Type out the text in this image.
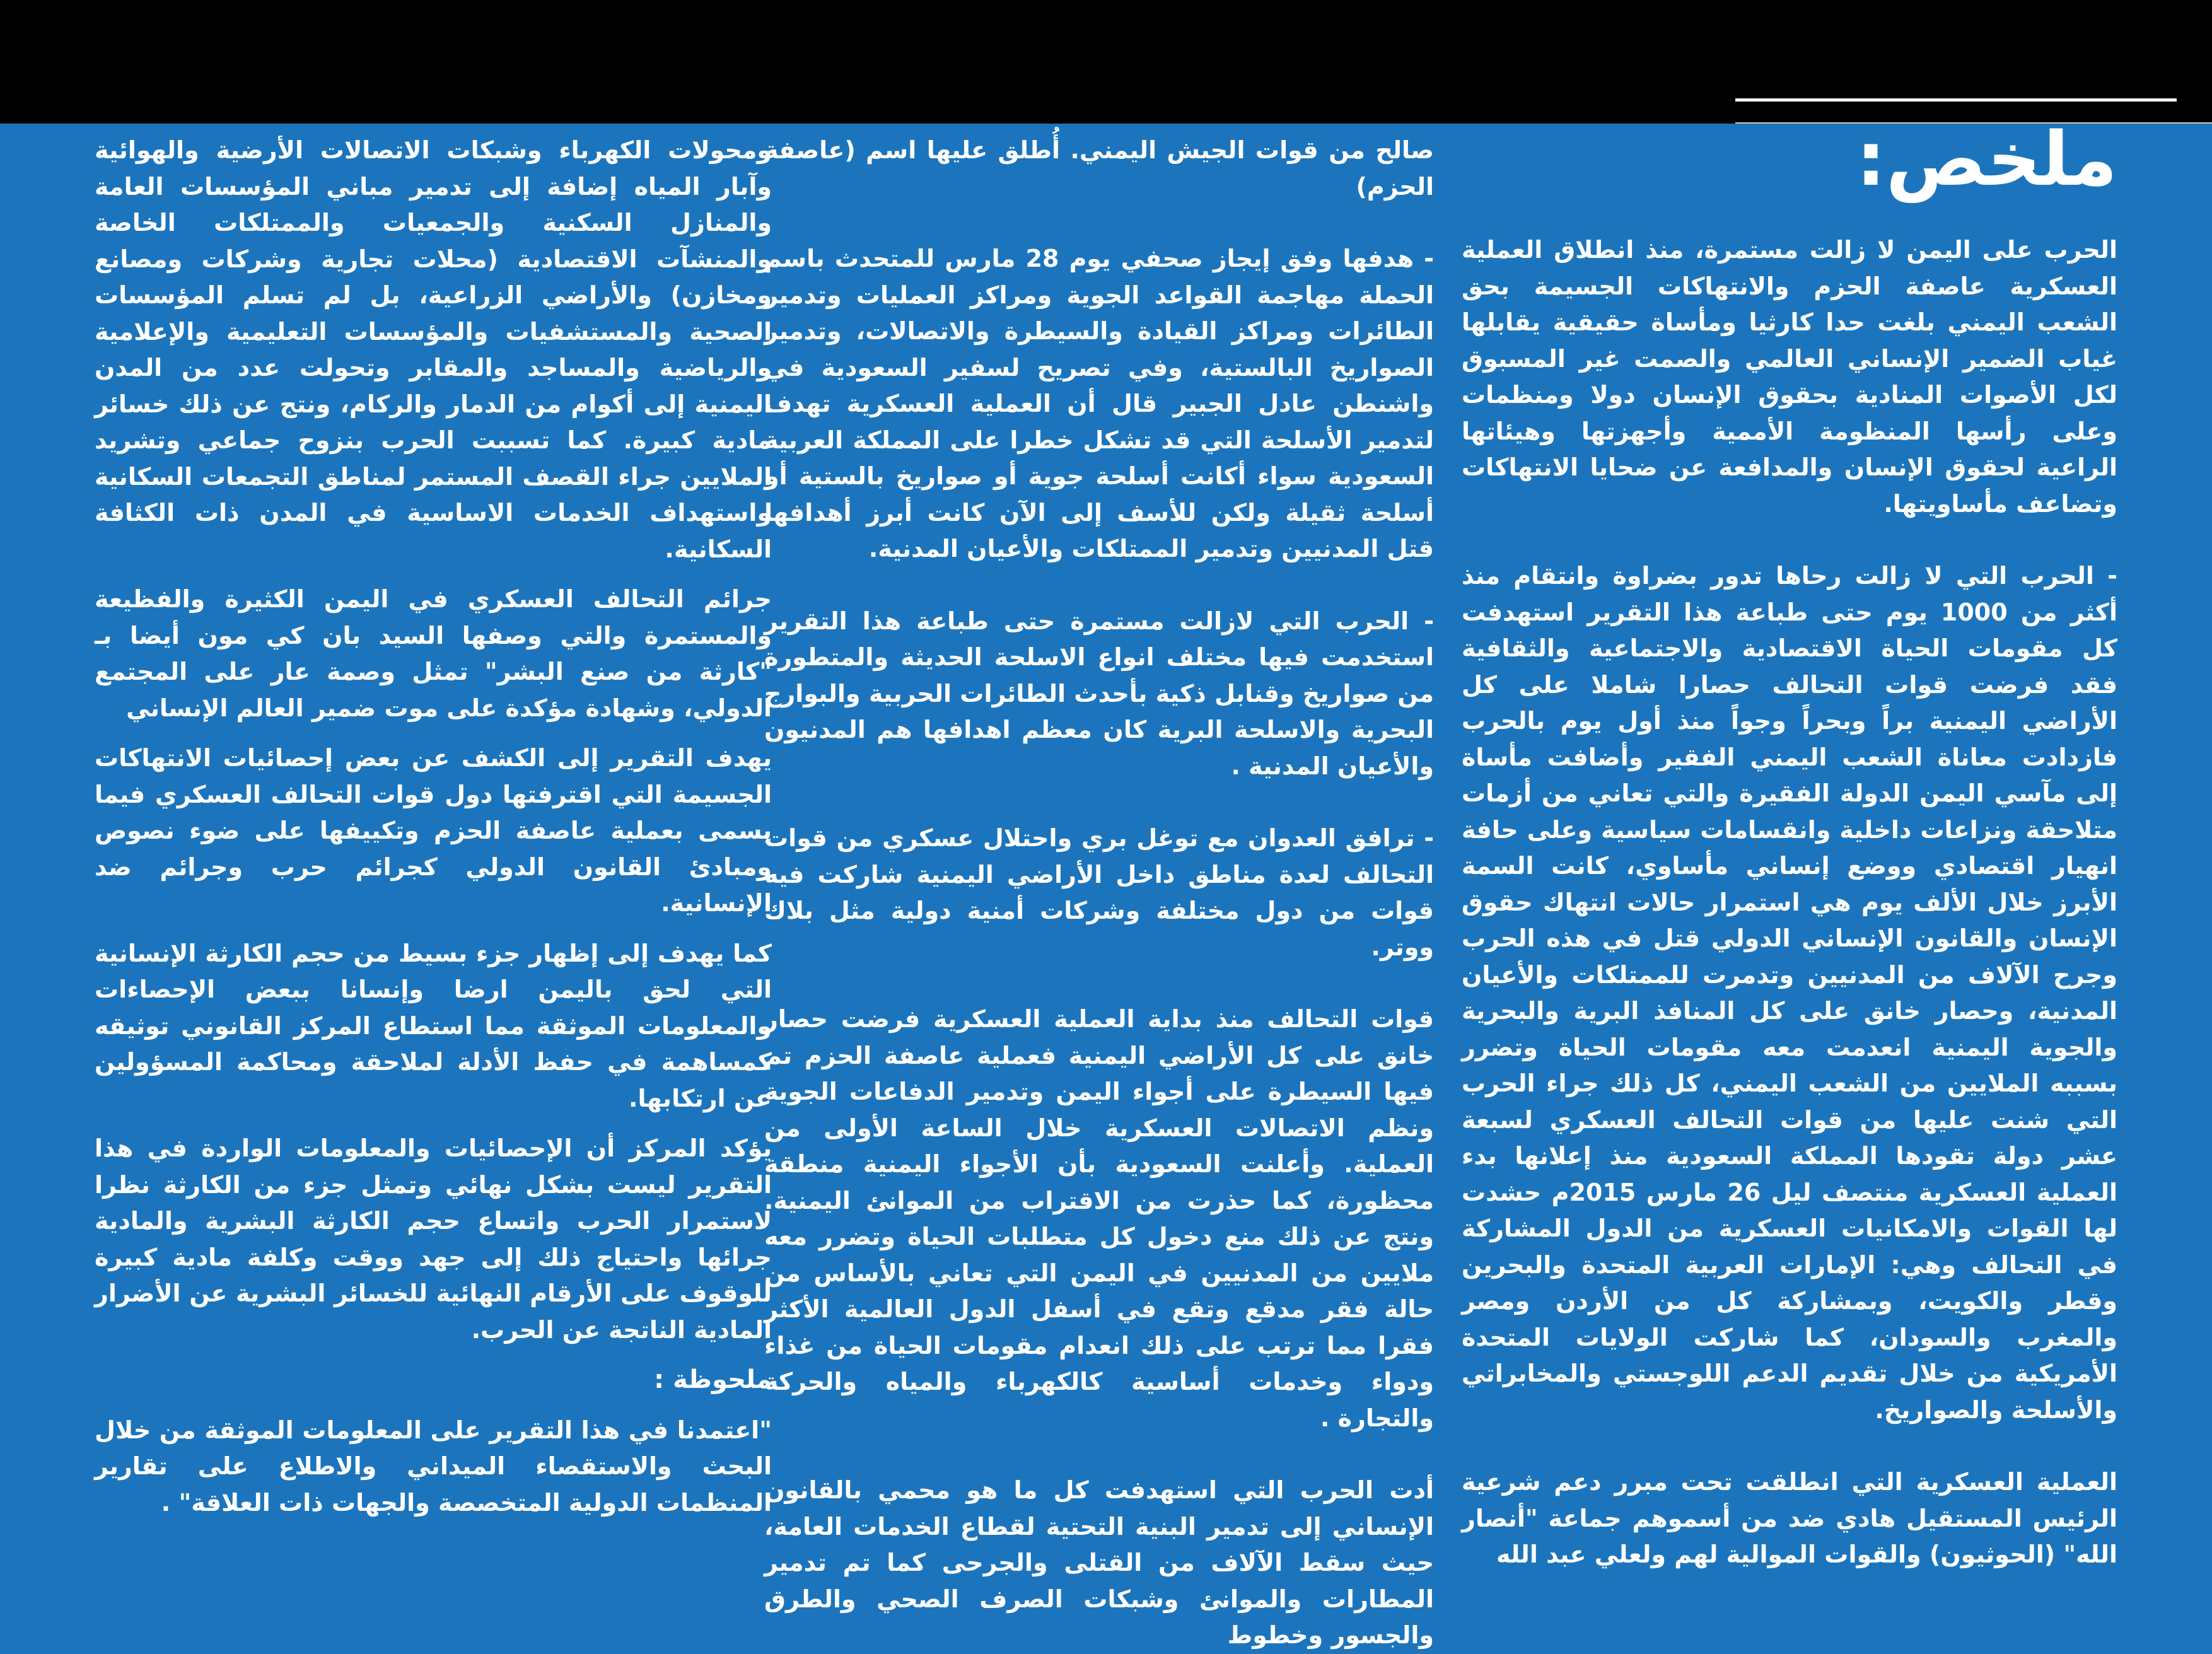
ملخص:

الحرب على اليمن لا زالت مستمرة، منذ انطلاق العملية العسكرية عاصفة الحزم والانتهاكات الجسيمة بحق الشعب اليمني بلغت حدا كارثيا ومأساة حقيقية يقابلها غياب الضمير الإنساني العالمي والصمت غير المسبوق لكل الأصوات المنادية بحقوق الإنسان دولا ومنظمات وعلى رأسها المنظومة الأممية وأجهزتها وهيئاتها الراعية لحقوق الإنسان والمدافعة عن ضحايا الانتهاكات وتضاعف مأساويتها.

- الحرب التي لا زالت رحاها تدور بضراوة وانتقام منذ أكثر من 1000 يوم حتى طباعة هذا التقرير استهدفت كل مقومات الحياة الاقتصادية والاجتماعية والثقافية فقد فرضت قوات التحالف حصارا شاملا على كل الأراضي اليمنية براً وبحراً وجواً منذ أول يوم بالحرب فازدادت معاناة الشعب اليمني الفقير وأضافت مأساة إلى مآسي اليمن الدولة الفقيرة والتي تعاني من أزمات متلاحقة ونزاعات داخلية وانقسامات سياسية وعلى حافة انهيار اقتصادي ووضع إنساني مأساوي، كانت السمة الأبرز خلال الألف يوم هي استمرار حالات انتهاك حقوق الإنسان والقانون الإنساني الدولي قتل في هذه الحرب وجرح الآلاف من المدنيين وتدمرت للممتلكات والأعيان المدنية، وحصار خانق على كل المنافذ البرية والبحرية والجوية اليمنية انعدمت معه مقومات الحياة وتضرر بسببه الملايين من الشعب اليمني، كل ذلك جراء الحرب التي شنت عليها من قوات التحالف العسكري لسبعة عشر دولة تقودها المملكة السعودية منذ إعلانها بدء العملية العسكرية منتصف ليل 26 مارس 2015م حشدت لها القوات والامكانيات العسكرية من الدول المشاركة في التحالف وهي: الإمارات العربية المتحدة والبحرين وقطر والكويت، وبمشاركة كل من الأردن ومصر والمغرب والسودان، كما شاركت الولايات المتحدة الأمريكية من خلال تقديم الدعم اللوجستي والمخابراتي والأسلحة والصواريخ.

العملية العسكرية التي انطلقت تحت مبرر دعم شرعية الرئيس المستقيل هادي ضد من أسموهم جماعة "أنصار الله" (الحوثيون) والقوات الموالية لهم ولعلي عبد الله

صالح من قوات الجيش اليمني. أُطلق عليها اسم (عاصفة الحزم)

- هدفها وفق إيجاز صحفي يوم 28 مارس للمتحدث باسم الحملة مهاجمة القواعد الجوية ومراكز العمليات وتدمير الطائرات ومراكز القيادة والسيطرة والاتصالات، وتدمير الصواريخ البالستية، وفي تصريح لسفير السعودية في واشنطن عادل الجبير قال أن العملية العسكرية تهدف لتدمير الأسلحة التي قد تشكل خطرا على المملكة العربية السعودية سواء أكانت أسلحة جوية أو صواريخ بالستية أو أسلحة ثقيلة ولكن للأسف إلى الآن كانت أبرز أهدافها قتل المدنيين وتدمير الممتلكات والأعيان المدنية.

- الحرب التي لازالت مستمرة حتى طباعة هذا التقرير استخدمت فيها مختلف انواع الاسلحة الحديثة والمتطورة من صواريخ وقنابل ذكية بأحدث الطائرات الحربية والبوارج البحرية والاسلحة البرية كان معظم اهدافها هم المدنيون والأعيان المدنية .

- ترافق العدوان مع توغل بري واحتلال عسكري من قوات التحالف لعدة مناطق داخل الأراضي اليمنية شاركت فيه قوات من دول مختلفة وشركات أمنية دولية مثل بلاك ووتر.

قوات التحالف منذ بداية العملية العسكرية فرضت حصار خانق على كل الأراضي اليمنية فعملية عاصفة الحزم تم فيها السيطرة على أجواء اليمن وتدمير الدفاعات الجوية ونظم الاتصالات العسكرية خلال الساعة الأولى من العملية. وأعلنت السعودية بأن الأجواء اليمنية منطقة محظورة، كما حذرت من الاقتراب من الموانئ اليمنية. ونتج عن ذلك منع دخول كل متطلبات الحياة وتضرر معه ملايين من المدنيين في اليمن التي تعاني بالأساس من حالة فقر مدقع وتقع في أسفل الدول العالمية الأكثر فقرا مما ترتب على ذلك انعدام مقومات الحياة من غذاء ودواء وخدمات أساسية كالكهرباء والمياه والحركة والتجارة .

أدت الحرب التي استهدفت كل ما هو محمي بالقانون الإنساني إلى تدمير البنية التحتية لقطاع الخدمات العامة، حيث سقط الآلاف من القتلى والجرحى كما تم تدمير المطارات والموانئ وشبكات الصرف الصحي والطرق والجسور وخطوط

ومحولات الكهرباء وشبكات الاتصالات الأرضية والهوائية وآبار المياه إضافة إلى تدمير مباني المؤسسات العامة والمنازل السكنية والجمعيات والممتلكات الخاصة والمنشآت الاقتصادية (محلات تجارية وشركات ومصانع ومخازن) والأراضي الزراعية، بل لم تسلم المؤسسات الصحية والمستشفيات والمؤسسات التعليمية والإعلامية والرياضية والمساجد والمقابر وتحولت عدد من المدن اليمنية إلى أكوام من الدمار والركام، ونتج عن ذلك خسائر مادية كبيرة. كما تسببت الحرب بنزوح جماعي وتشريد الملايين جراء القصف المستمر لمناطق التجمعات السكانية واستهداف الخدمات الاساسية في المدن ذات الكثافة السكانية.

جرائم التحالف العسكري في اليمن الكثيرة والفظيعة والمستمرة والتي وصفها السيد بان كي مون أيضا بـ "كارثة من صنع البشر" تمثل وصمة عار على المجتمع الدولي، وشهادة مؤكدة على موت ضمير العالم الإنساني

يهدف التقرير إلى الكشف عن بعض إحصائيات الانتهاكات الجسيمة التي اقترفتها دول قوات التحالف العسكري فيما يسمى بعملية عاصفة الحزم وتكييفها على ضوء نصوص ومبادئ القانون الدولي كجرائم حرب وجرائم ضد الإنسانية.

كما يهدف إلى إظهار جزء بسيط من حجم الكارثة الإنسانية التي لحق باليمن ارضا وإنسانا ببعض الإحصاءات والمعلومات الموثقة مما استطاع المركز القانوني توثيقه كمساهمة في حفظ الأدلة لملاحقة ومحاكمة المسؤولين عن ارتكابها.

يؤكد المركز أن الإحصائيات والمعلومات الواردة في هذا التقرير ليست بشكل نهائي وتمثل جزء من الكارثة نظرا لاستمرار الحرب واتساع حجم الكارثة البشرية والمادية جرائها واحتياج ذلك إلى جهد ووقت وكلفة مادية كبيرة للوقوف على الأرقام النهائية للخسائر البشرية عن الأضرار المادية الناتجة عن الحرب.

ملحوظة :

"اعتمدنا في هذا التقرير على المعلومات الموثقة من خلال البحث والاستقصاء الميداني والاطلاع على تقارير المنظمات الدولية المتخصصة والجهات ذات العلاقة" .
